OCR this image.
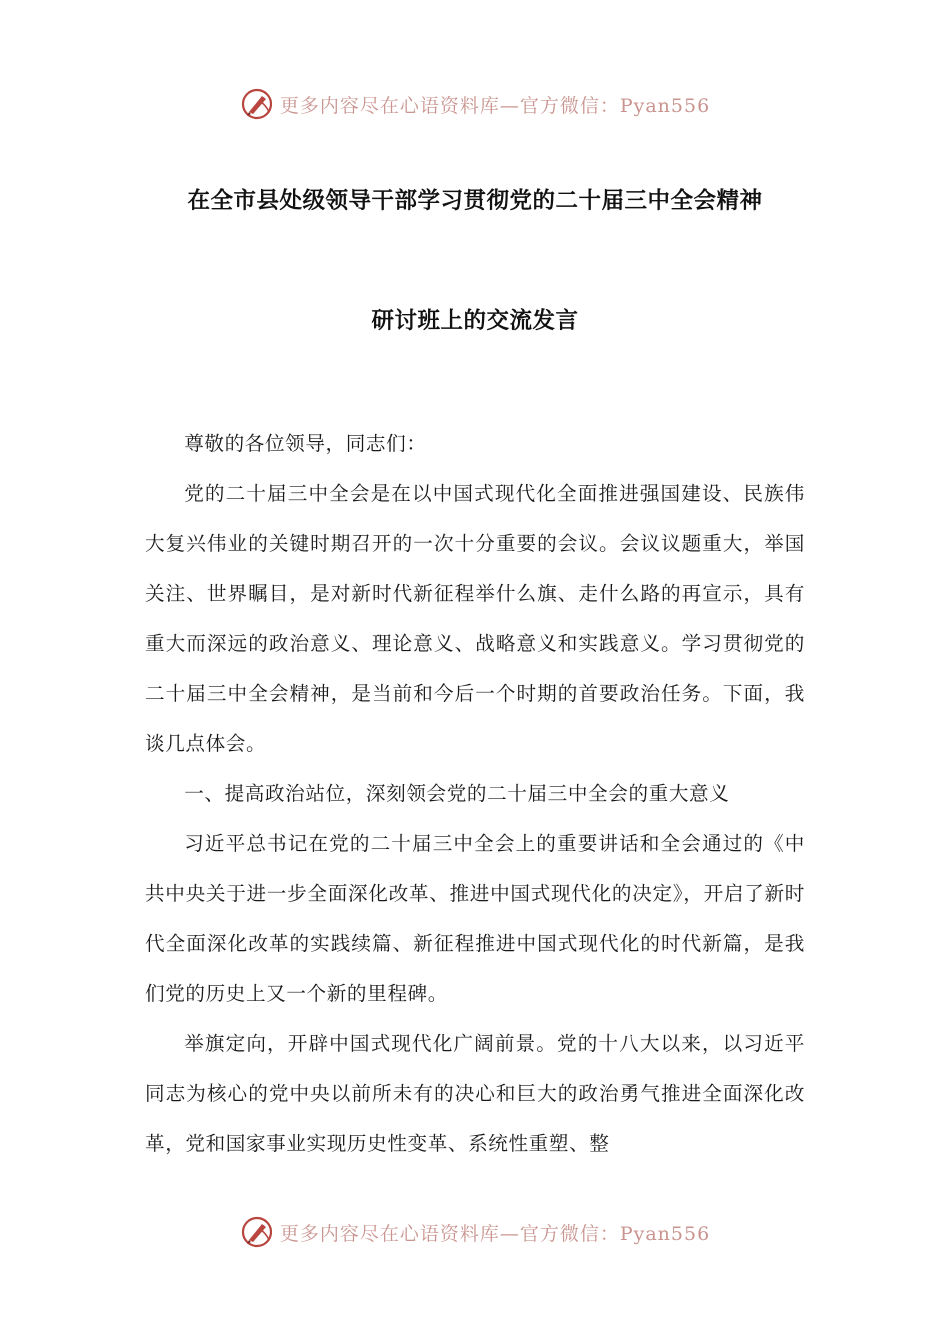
更多内容尽在心语资料库—官方微信：Pyan556
在全市县处级领导干部学习贯彻党的二十届三中全会精神
研讨班上的交流发言

尊敬的各位领导，同志们：

党的二十届三中全会是在以中国式现代化全面推进强国建设、民族伟大复兴伟业的关键时期召开的一次十分重要的会议。会议议题重大，举国关注、世界瞩目，是对新时代新征程举什么旗、走什么路的再宣示，具有重大而深远的政治意义、理论意义、战略意义和实践意义。学习贯彻党的二十届三中全会精神，是当前和今后一个时期的首要政治任务。下面，我谈几点体会。

一、提高政治站位，深刻领会党的二十届三中全会的重大意义

习近平总书记在党的二十届三中全会上的重要讲话和全会通过的《中共中央关于进一步全面深化改革、推进中国式现代化的决定》，开启了新时代全面深化改革的实践续篇、新征程推进中国式现代化的时代新篇，是我们党的历史上又一个新的里程碑。

举旗定向，开辟中国式现代化广阔前景。党的十八大以来，以习近平同志为核心的党中央以前所未有的决心和巨大的政治勇气推进全面深化改革，党和国家事业实现历史性变革、系统性重塑、整

更多内容尽在心语资料库—官方微信：Pyan556
